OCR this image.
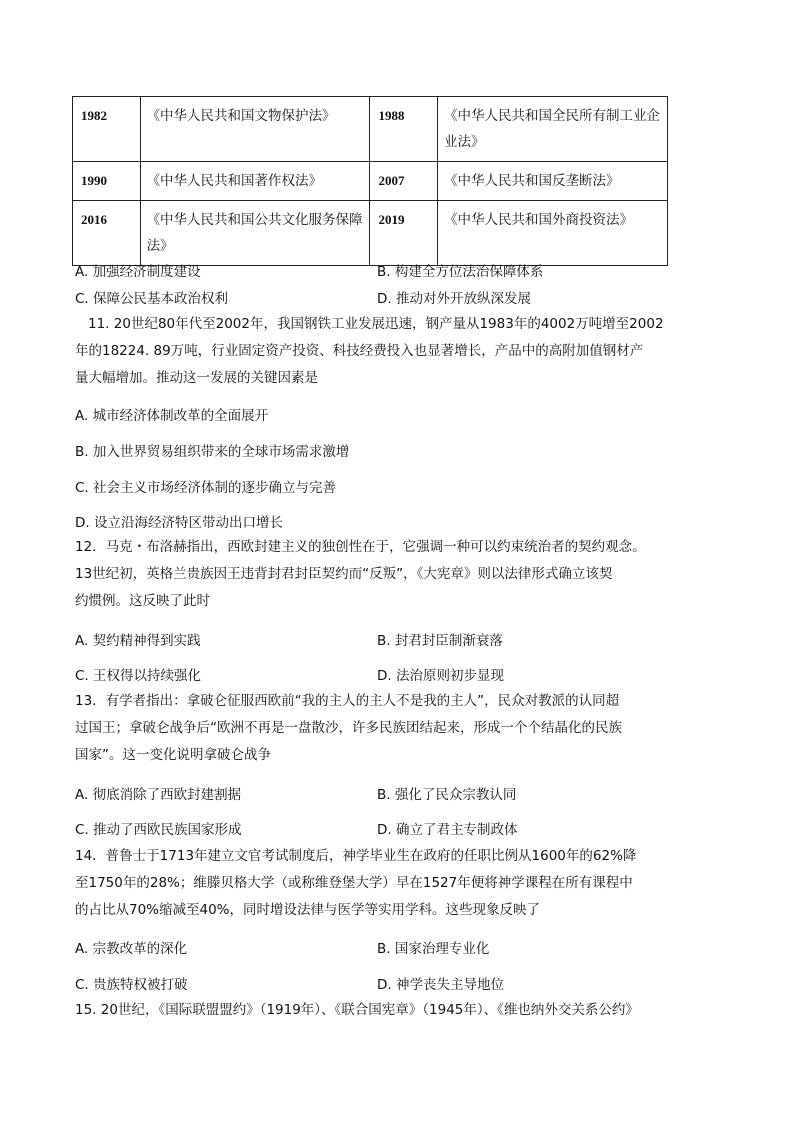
1982	《中华人民共和国文物保护法》	1988	《中华人民共和国全民所有制工业企业法》
1990	《中华人民共和国著作权法》	2007	《中华人民共和国反垄断法》
2016	《中华人民共和国公共文化服务保障法》	2019	《中华人民共和国外商投资法》
A. 加强经济制度建设	B. 构建全方位法治保障体系
C. 保障公民基本政治权利	D. 推动对外开放纵深发展
11. 20世纪80年代至2002年，我国钢铁工业发展迅速，钢产量从1983年的4002万吨增至2002
年的18224. 89万吨，行业固定资产投资、科技经费投入也显著增长，产品中的高附加值钢材产
量大幅增加。推动这一发展的关键因素是
A. 城市经济体制改革的全面展开
B. 加入世界贸易组织带来的全球市场需求激增
C. 社会主义市场经济体制的逐步确立与完善
D. 设立沿海经济特区带动出口增长
12．马克・布洛赫指出，西欧封建主义的独创性在于，它强调一种可以约束统治者的契约观念。
13世纪初，英格兰贵族因王违背封君封臣契约而“反叛”，《大宪章》则以法律形式确立该契
约惯例。这反映了此时
A. 契约精神得到实践	B. 封君封臣制渐衰落
C. 王权得以持续强化	D. 法治原则初步显现
13．有学者指出：拿破仑征服西欧前“我的主人的主人不是我的主人”，民众对教派的认同超
过国王；拿破仑战争后“欧洲不再是一盘散沙，许多民族团结起来，形成一个个结晶化的民族
国家”。这一变化说明拿破仑战争
A. 彻底消除了西欧封建割据	B. 强化了民众宗教认同
C. 推动了西欧民族国家形成	D. 确立了君主专制政体
14．普鲁士于1713年建立文官考试制度后，神学毕业生在政府的任职比例从1600年的62%降
至1750年的28%；维滕贝格大学（或称维登堡大学）早在1527年便将神学课程在所有课程中
的占比从70%缩减至40%，同时增设法律与医学等实用学科。这些现象反映了
A. 宗教改革的深化	B. 国家治理专业化
C. 贵族特权被打破	D. 神学丧失主导地位
15. 20世纪，《国际联盟盟约》（1919年）、《联合国宪章》（1945年）、《维也纳外交关系公约》
